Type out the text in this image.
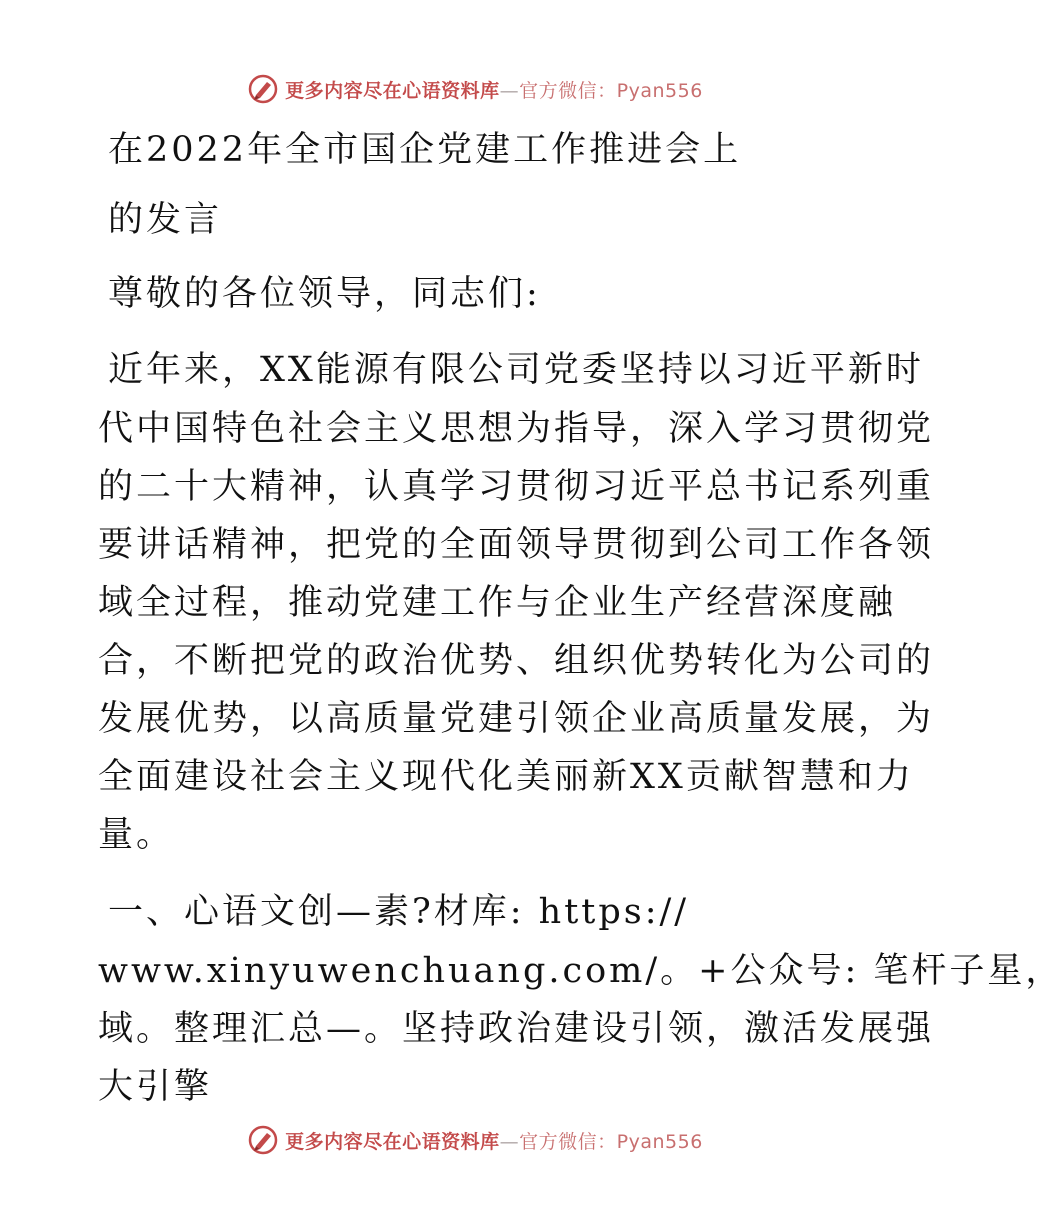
更多内容尽在心语资料库—官方微信：Pyan556
在2022年全市国企党建工作推进会上
的发言
尊敬的各位领导，同志们:
近年来，XX能源有限公司党委坚持以习近平新时
代中国特色社会主义思想为指导，深入学习贯彻党
的二十大精神，认真学习贯彻习近平总书记系列重
要讲话精神，把党的全面领导贯彻到公司工作各领
域全过程，推动党建工作与企业生产经营深度融
合，不断把党的政治优势、组织优势转化为公司的
发展优势，以高质量党建引领企业高质量发展，为
全面建设社会主义现代化美丽新XX贡献智慧和力
量。
一、心语文创—素?材库: https://
www.xinyuwenchuang.com/。+公众号: 笔杆子星，
域。整理汇总—。坚持政治建设引领，激活发展强
大引擎
更多内容尽在心语资料库—官方微信：Pyan556
